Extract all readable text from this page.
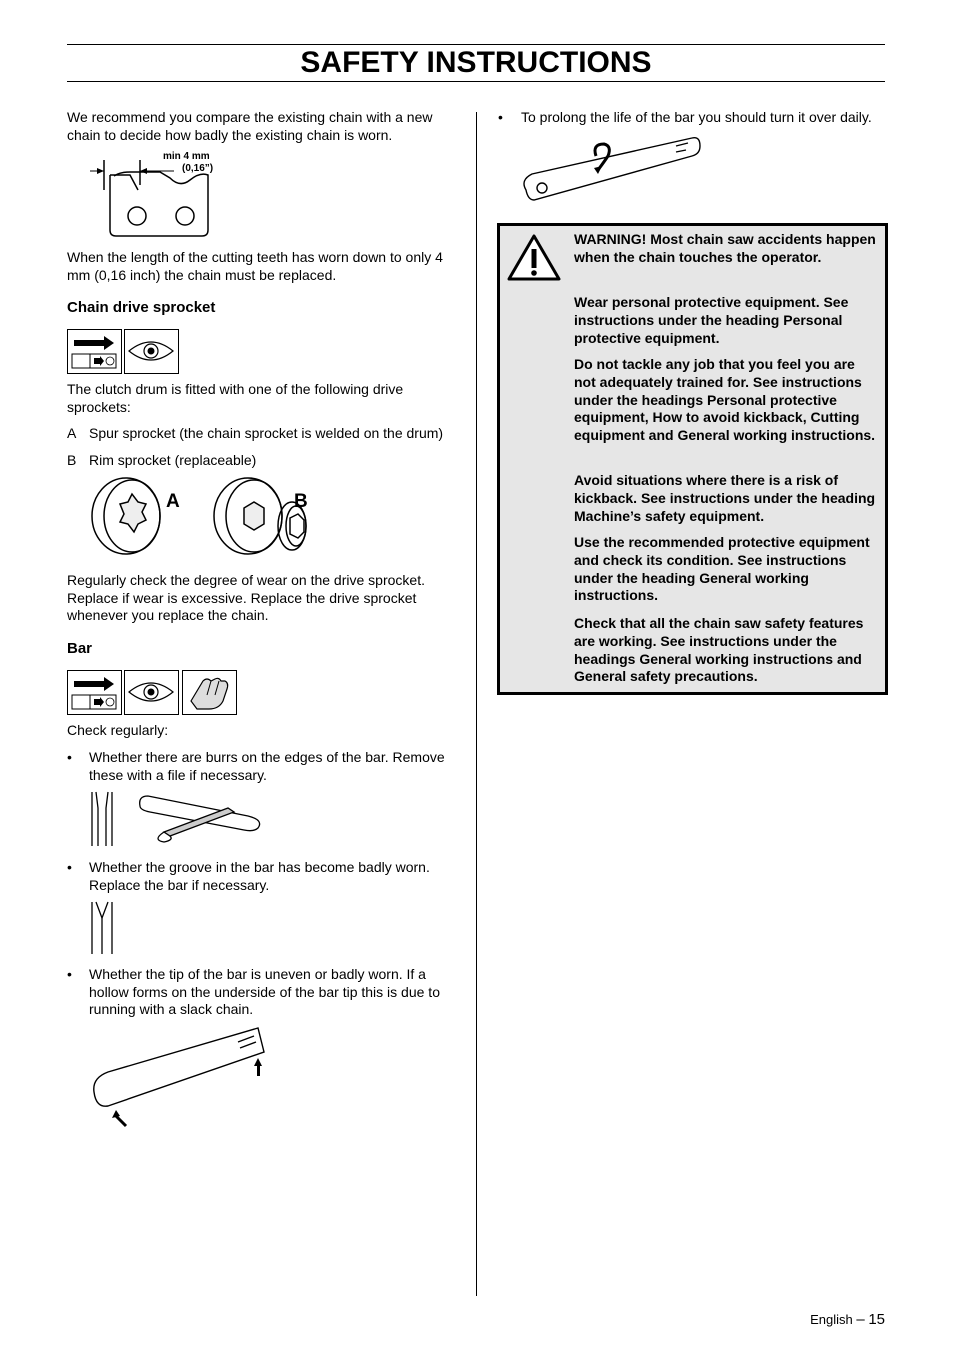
SAFETY INSTRUCTIONS
We recommend you compare the existing chain with a new chain to decide how badly the existing chain is worn.
min 4 mm
(0,16”)
When the length of the cutting teeth has worn down to only 4 mm (0,16 inch) the chain must be replaced.
Chain drive sprocket
The clutch drum is fitted with one of the following drive sprockets:
A Spur sprocket (the chain sprocket is welded on the drum)
B Rim sprocket (replaceable)
A	B
Regularly check the degree of wear on the drive sprocket. Replace if wear is excessive. Replace the drive sprocket whenever you replace the chain.
Bar
Check regularly:
• Whether there are burrs on the edges of the bar. Remove these with a file if necessary.
• Whether the groove in the bar has become badly worn. Replace the bar if necessary.
• Whether the tip of the bar is uneven or badly worn. If a hollow forms on the underside of the bar tip this is due to running with a slack chain.
• To prolong the life of the bar you should turn it over daily.
WARNING! Most chain saw accidents happen when the chain touches the operator.
Wear personal protective equipment. See instructions under the heading Personal protective equipment.
Do not tackle any job that you feel you are not adequately trained for. See instructions under the headings Personal protective equipment, How to avoid kickback, Cutting equipment and General working instructions.
Avoid situations where there is a risk of kickback. See instructions under the heading Machine’s safety equipment.
Use the recommended protective equipment and check its condition. See instructions under the heading General working instructions.
Check that all the chain saw safety features are working. See instructions under the headings General working instructions and General safety precautions.
English – 15
